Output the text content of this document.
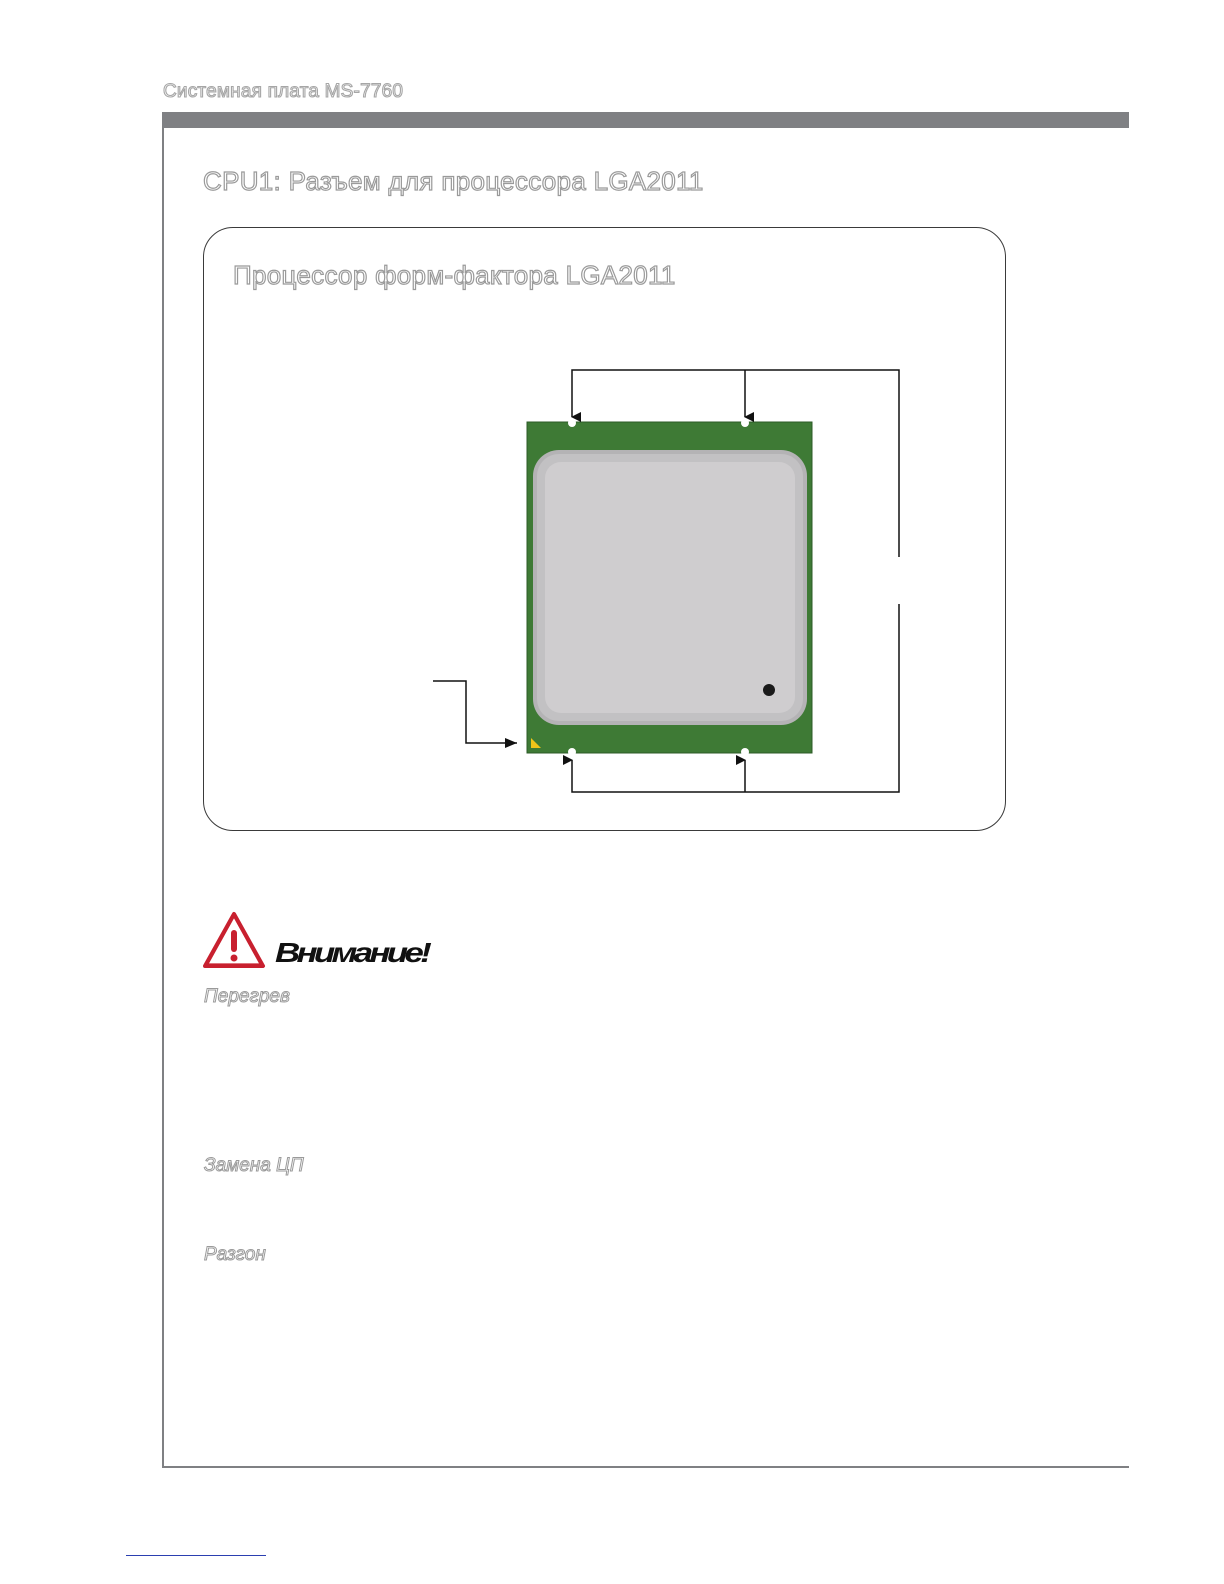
Системная плата MS-7760
CPU1: Разъем для процессора LGA2011
Процессор форм-фактора LGA2011
Внимание!
Перегрев
Замена ЦП
Разгон
